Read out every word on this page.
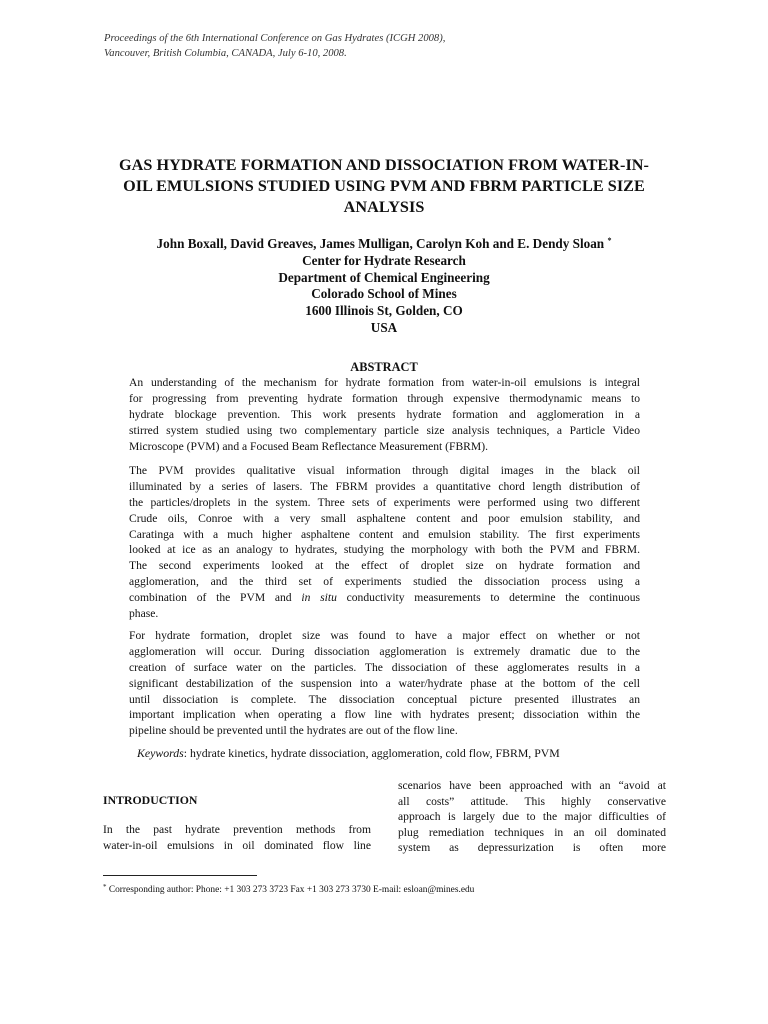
Proceedings of the 6th International Conference on Gas Hydrates (ICGH 2008),
Vancouver, British Columbia, CANADA, July 6-10, 2008.
GAS HYDRATE FORMATION AND DISSOCIATION FROM WATER-IN-
OIL EMULSIONS STUDIED USING PVM AND FBRM PARTICLE SIZE
ANALYSIS
John Boxall, David Greaves, James Mulligan, Carolyn Koh and E. Dendy Sloan *
Center for Hydrate Research
Department of Chemical Engineering
Colorado School of Mines
1600 Illinois St, Golden, CO
USA
ABSTRACT
An understanding of the mechanism for hydrate formation from water-in-oil emulsions is integral
for progressing from preventing hydrate formation through expensive thermodynamic means to
hydrate blockage prevention. This work presents hydrate formation and agglomeration in a
stirred system studied using two complementary particle size analysis techniques, a Particle Video
Microscope (PVM) and a Focused Beam Reflectance Measurement (FBRM).
The PVM provides qualitative visual information through digital images in the black oil
illuminated by a series of lasers. The FBRM provides a quantitative chord length distribution of
the particles/droplets in the system. Three sets of experiments were performed using two different
Crude oils, Conroe with a very small asphaltene content and poor emulsion stability, and
Caratinga with a much higher asphaltene content and emulsion stability. The first experiments
looked at ice as an analogy to hydrates, studying the morphology with both the PVM and FBRM.
The second experiments looked at the effect of droplet size on hydrate formation and
agglomeration, and the third set of experiments studied the dissociation process using a
combination of the PVM and in situ conductivity measurements to determine the continuous
phase.
For hydrate formation, droplet size was found to have a major effect on whether or not
agglomeration will occur. During dissociation agglomeration is extremely dramatic due to the
creation of surface water on the particles. The dissociation of these agglomerates results in a
significant destabilization of the suspension into a water/hydrate phase at the bottom of the cell
until dissociation is complete. The dissociation conceptual picture presented illustrates an
important implication when operating a flow line with hydrates present; dissociation within the
pipeline should be prevented until the hydrates are out of the flow line.
Keywords: hydrate kinetics, hydrate dissociation, agglomeration, cold flow, FBRM, PVM
INTRODUCTION
In the past hydrate prevention methods from
water-in-oil emulsions in oil dominated flow line
scenarios have been approached with an “avoid at
all costs” attitude. This highly conservative
approach is largely due to the major difficulties of
plug remediation techniques in an oil dominated
system as depressurization is often more
* Corresponding author: Phone: +1 303 273 3723 Fax +1 303 273 3730 E-mail: esloan@mines.edu
